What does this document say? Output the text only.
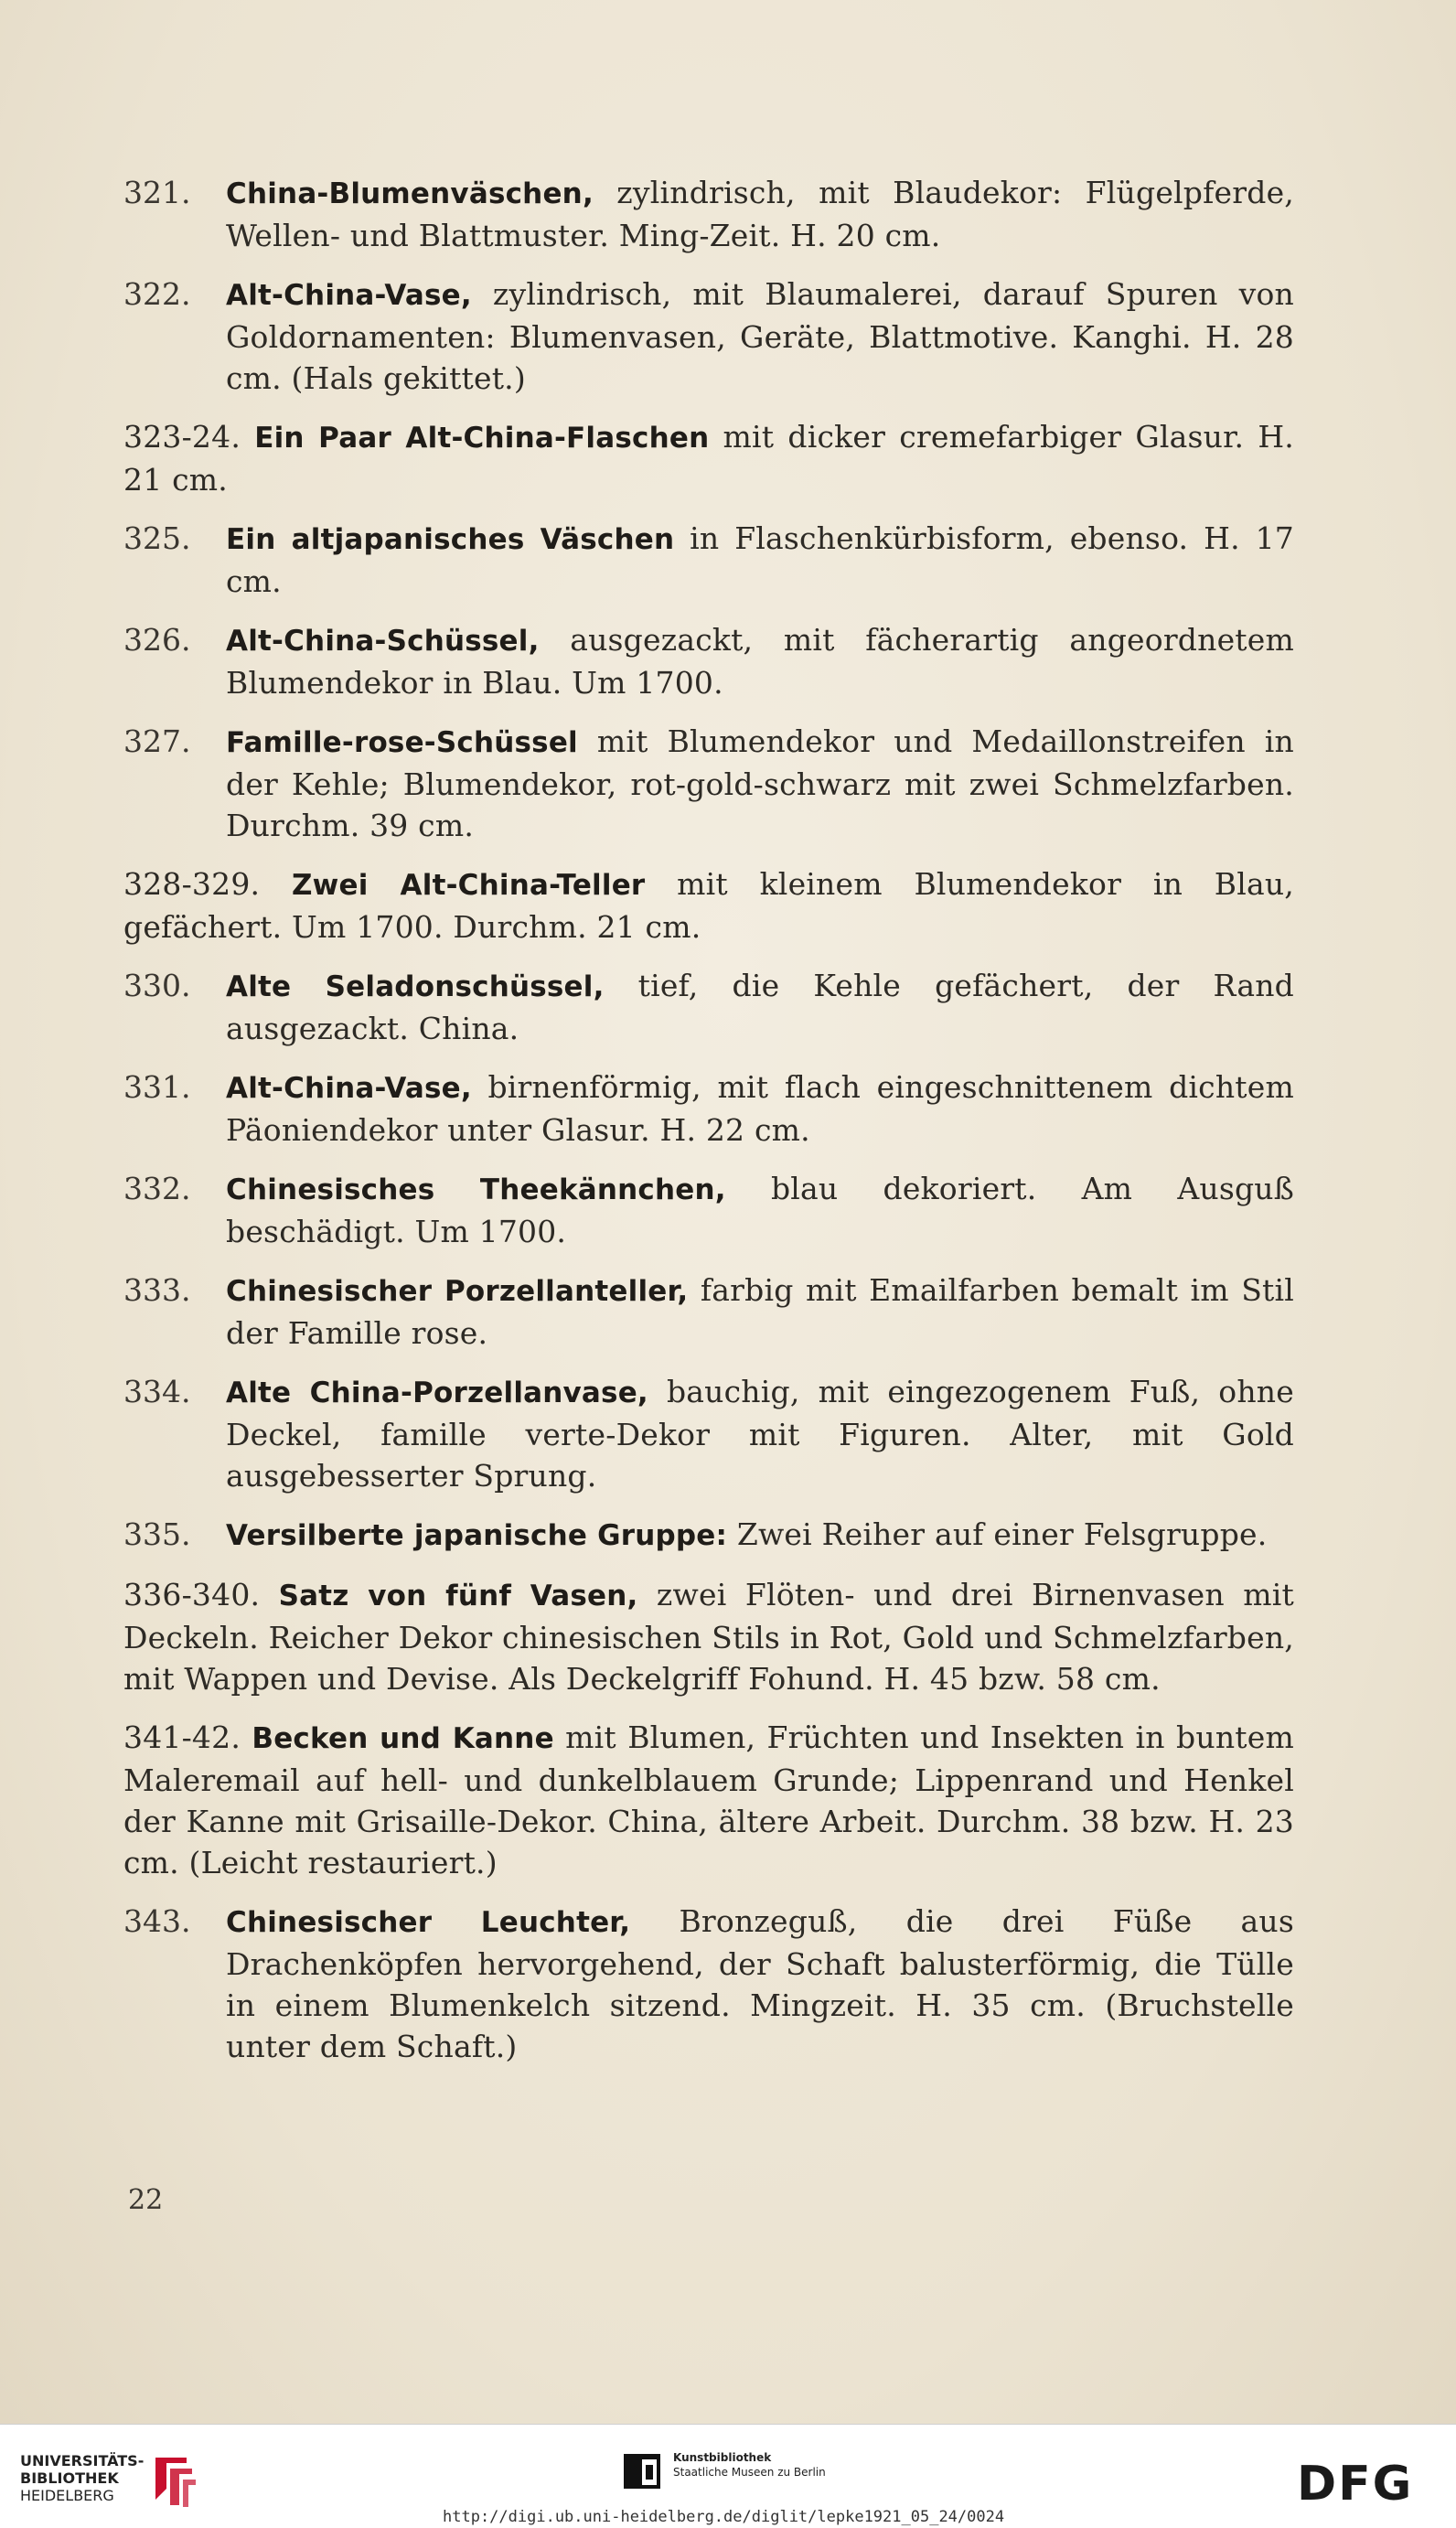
321.	China-Blumenväschen, zylindrisch, mit Blaudekor: Flügelpferde, Wellen- und Blattmuster. Ming-Zeit. H. 20 cm.

322.	Alt-China-Vase, zylindrisch, mit Blaumalerei, darauf Spuren von Goldornamenten: Blumenvasen, Geräte, Blattmotive. Kanghi. H. 28 cm. (Hals gekittet.)

323-24. Ein Paar Alt-China-Flaschen mit dicker cremefarbiger Glasur. H. 21 cm.

325.	Ein altjapanisches Väschen in Flaschenkürbisform, ebenso. H. 17 cm.

326.	Alt-China-Schüssel, ausgezackt, mit fächerartig angeordnetem Blumendekor in Blau. Um 1700.

327.	Famille-rose-Schüssel mit Blumendekor und Medaillonstreifen in der Kehle; Blumendekor, rot-gold-schwarz mit zwei Schmelzfarben. Durchm. 39 cm.

328-329. Zwei Alt-China-Teller mit kleinem Blumendekor in Blau, gefächert. Um 1700. Durchm. 21 cm.

330.	Alte Seladonschüssel, tief, die Kehle gefächert, der Rand ausgezackt. China.

331.	Alt-China-Vase, birnenförmig, mit flach eingeschnittenem dichtem Päoniendekor unter Glasur. H. 22 cm.

332.	Chinesisches Theekännchen, blau dekoriert. Am Ausguß beschädigt. Um 1700.

333.	Chinesischer Porzellanteller, farbig mit Emailfarben bemalt im Stil der Famille rose.

334.	Alte China-Porzellanvase, bauchig, mit eingezogenem Fuß, ohne Deckel, famille verte-Dekor mit Figuren. Alter, mit Gold ausgebesserter Sprung.

335.	Versilberte japanische Gruppe: Zwei Reiher auf einer Felsgruppe.

336-340. Satz von fünf Vasen, zwei Flöten- und drei Birnenvasen mit Deckeln. Reicher Dekor chinesischen Stils in Rot, Gold und Schmelzfarben, mit Wappen und Devise. Als Deckelgriff Fohund. H. 45 bzw. 58 cm.

341-42. Becken und Kanne mit Blumen, Früchten und Insekten in buntem Maleremail auf hell- und dunkelblauem Grunde; Lippenrand und Henkel der Kanne mit Grisaille-Dekor. China, ältere Arbeit. Durchm. 38 bzw. H. 23 cm. (Leicht restauriert.)

343.	Chinesischer Leuchter, Bronzeguß, die drei Füße aus Drachenköpfen hervorgehend, der Schaft balusterförmig, die Tülle in einem Blumenkelch sitzend. Mingzeit. H. 35 cm. (Bruchstelle unter dem Schaft.)

22
UNIVERSITÄTS-
BIBLIOTHEK
HEIDELBERG
Kunstbibliothek
Staatliche Museen zu Berlin	DFG
http://digi.ub.uni-heidelberg.de/diglit/lepke1921_05_24/0024
